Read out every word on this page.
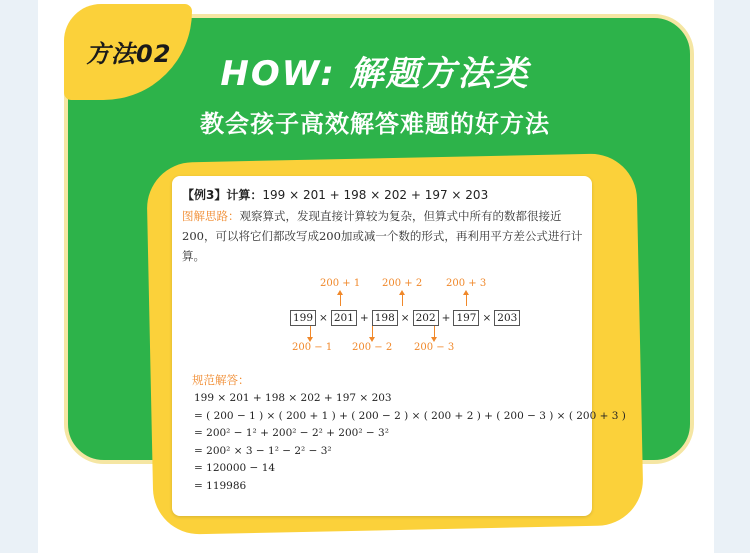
方法02	HOW: 解题方法类
教会孩子高效解答难题的好方法
【例3】计算：199 × 201 + 198 × 202 + 197 × 203
图解思路：观察算式，发现直接计算较为复杂，但算式中所有的数都很接近200，可以将它们都改写成200加或减一个数的形式，再利用平方差公式进行计算。
200 + 1 200 + 2 200 + 3
199 × 201 + 198 × 202 + 197 × 203
200 − 1 200 − 2 200 − 3
规范解答：
199 × 201 + 198 × 202 + 197 × 203
= ( 200 − 1 ) × ( 200 + 1 ) + ( 200 − 2 ) × ( 200 + 2 ) + ( 200 − 3 ) × ( 200 + 3 )
= 200² − 1² + 200² − 2² + 200² − 3²
= 200² × 3 − 1² − 2² − 3²
= 120000 − 14
= 119986
